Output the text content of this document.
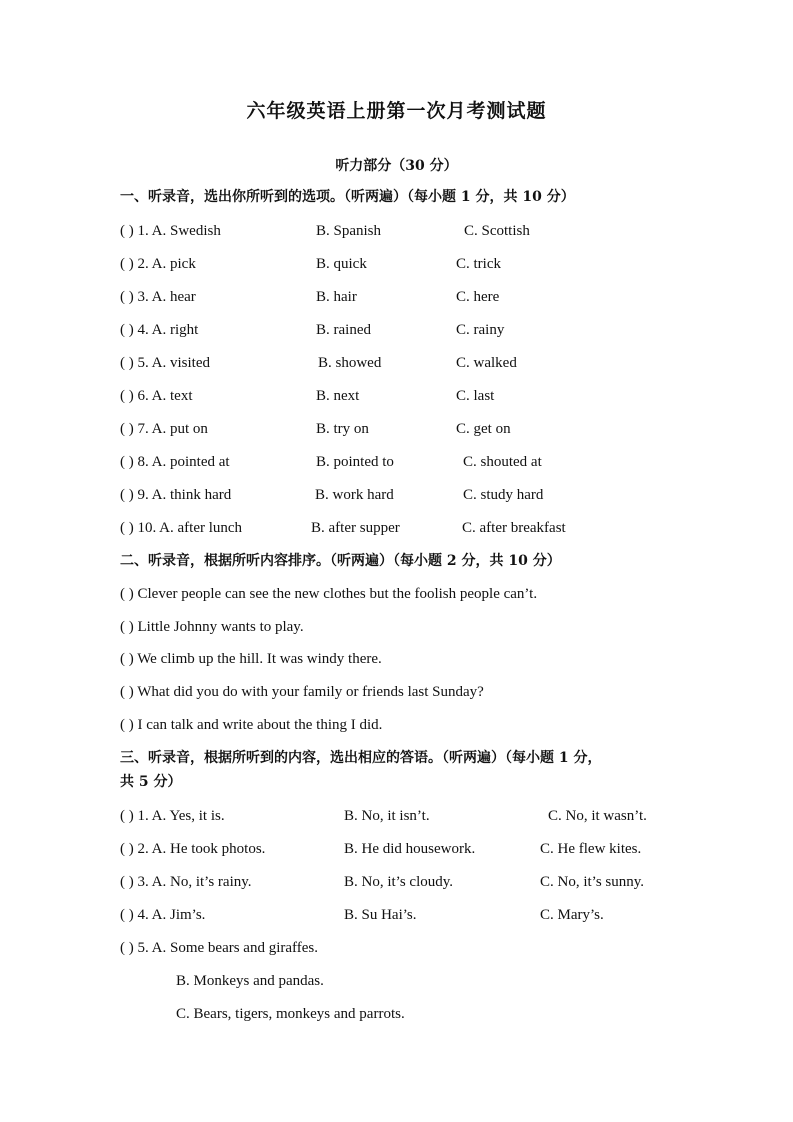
六年级英语上册第一次月考测试题
听力部分（30 分）
一、听录音，选出你所听到的选项。（听两遍）（每小题 1 分，共 10 分）
( ) 1. A. Swedish	B. Spanish	C. Scottish
( ) 2. A. pick	B. quick	C. trick
( ) 3. A. hear	B. hair	C. here
( ) 4. A. right	B. rained	C. rainy
( ) 5. A. visited	B. showed	C. walked
( ) 6. A. text	B. next	C. last
( ) 7. A. put on	B. try on	C. get on
( ) 8. A. pointed at	B. pointed to	C. shouted at
( ) 9. A. think hard	B. work hard	C. study hard
( ) 10. A. after lunch	B. after supper	C. after breakfast
二、听录音，根据所听内容排序。（听两遍）（每小题 2 分，共 10 分）
( ) Clever people can see the new clothes but the foolish people can’t.
( ) Little Johnny wants to play.
( ) We climb up the hill. It was windy there.
( ) What did you do with your family or friends last Sunday?
( ) I can talk and write about the thing I did.
三、听录音，根据所听到的内容，选出相应的答语。（听两遍）（每小题 1 分，
共 5 分）
( ) 1. A. Yes, it is.	B. No, it isn’t.	C. No, it wasn’t.
( ) 2. A. He took photos.	B. He did housework.	C. He flew kites.
( ) 3. A. No, it’s rainy.	B. No, it’s cloudy.	C. No, it’s sunny.
( ) 4. A. Jim’s.	B. Su Hai’s.	C. Mary’s.
( ) 5. A. Some bears and giraffes.
B. Monkeys and pandas.
C. Bears, tigers, monkeys and parrots.
